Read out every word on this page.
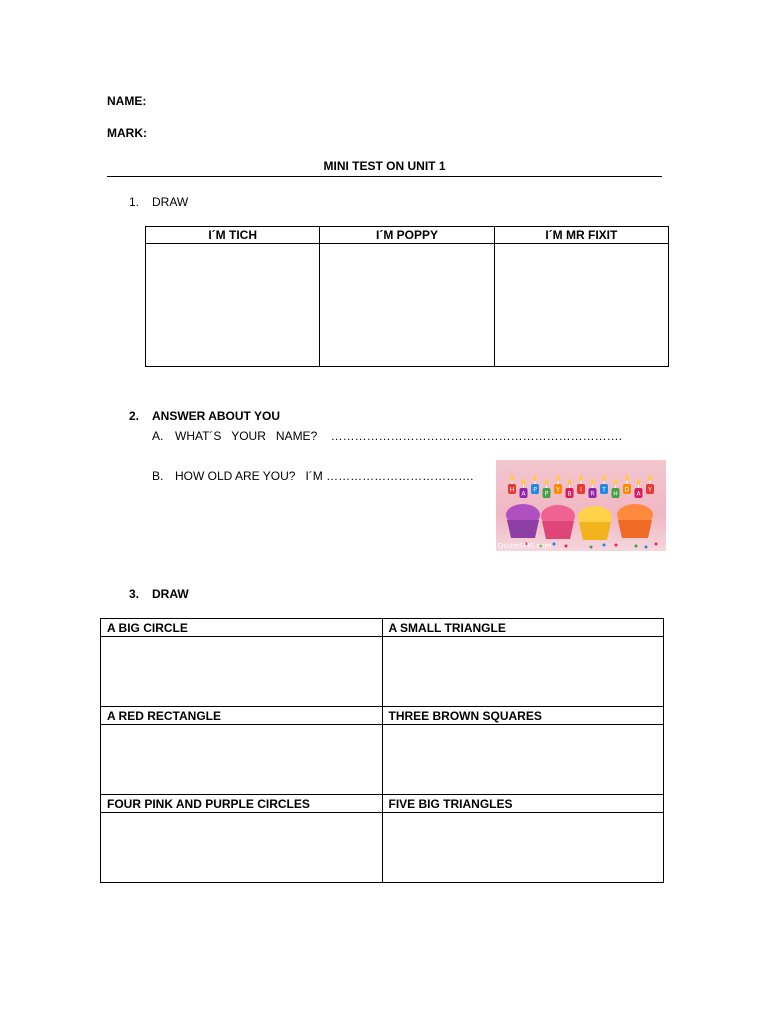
NAME:
MARK:
MINI TEST ON UNIT 1
1. DRAW
I´M TICH	I´M POPPY	I´M MR FIXIT

2. ANSWER ABOUT YOU
A. WHAT´S   YOUR   NAME?    ……………………………………………………………….
B. HOW OLD ARE YOU?   I´M ……………………………….
H
A
P
P
Y
B
I
R
T
H
D
A
Y
QuoteSMS.com
3. DRAW
A BIG CIRCLE	A SMALL TRIANGLE

A RED RECTANGLE	THREE BROWN SQUARES

FOUR PINK AND PURPLE CIRCLES	FIVE BIG TRIANGLES
